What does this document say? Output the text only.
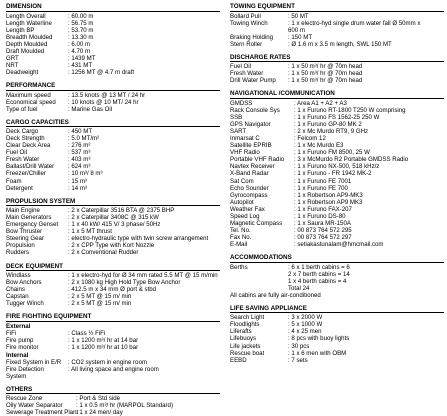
DIMENSION
Length Overall	: 60.00 m
Length Waterline	: 56.75 m
Length BP	: 53.70 m
Breadth Moulded	: 13.30 m
Depth Moulded	: 6.00 m
Draft Moulded	: 4.70 m
GRT	: 1439 MT
NRT	: 431 MT
Deadweight	: 1256 MT @ 4.7 m draft
PERFORMANCE
Maximum speed	: 13.5 knots @ 13 MT / 24 hr
Economical speed	: 10 knots @ 10 MT/ 24 hr
Type of fuel	: Marine Gas Oil
CARGO CAPACITIES
Deck Cargo	: 450 MT
Deck Strength	: 5.0 MT/m²
Clear Deck Area	: 276 m²
Fuel Oil	: 537 m³
Fresh Water	: 403 m³
Ballast/Drill Water	: 624 m³
Freezer/Chiller	: 10 m³/ 8 m³
Foam	: 15 m³
Detergent	: 14 m³
PROPULSION SYSTEM
Main Engine	: 2 x Caterpillar 3516 BTA @ 2375 BHP
Main Generators	: 2 x Caterpillar 3408C @ 315 kW
Emergency Genset	: 1 x 40 kW/ 415 V/ 3 phase/ 50Hz
Bow Thruster	: 1 x 5 MT thrust
Steering Gear	: electro-hydraulic type with twin screw arrangement
Propulsion	: 2 x CPP Type with Kort Nozzle
Rudders	: 2 x Conventional Rudder
DECK EQUIPMENT
Windlass	: 1 x electro-hyd for Ø 34 mm rated 5.5 MT @ 15 m/min
Bow Anchors	: 2 x 1080 kg High Hold Type Bow Anchor
Chains	: 412.5 m x 34 mm Ø port & stbd
Capstan	: 2 x 5 MT @ 15 m/ min
Tugger Winch	: 2 x 5 MT @ 15 m/ min
FIRE FIGHTING EQUIPMENT
External
FiFi	: Class ½ FiFi
Fire pump	: 1 x 1200 m³/ hr at 14 bar
Fire monitor	: 1 x 1200 m³/ hr at 10 bar
Internal
Fixed System in E/R	: CO2 system in engine room
Fire Detection	: All living space and engine room
System
OTHERS
Rescue Zone	: Port & Std side
Oily Water Separator	: 1 x 0.5 m³/ hr (MARPOL Standard)
Sewerage Treatment Plant
: 1 x 24 men/ day
TOWING EQUIPMENT
Bollard Pull	: 50 MT
Towing Winch	: 1 x electro-hyd single drum water fall Ø 50mm x
600 m
Braking Holding	: 150 MT
Stern Roller	: Ø 1.6 m x 3.5 m length, SWL 150 MT
DISCHARGE RATES
Fuel Oil	: 1 x 50 m³/ hr @ 70m head
Fresh Water	: 1 x 50 m³/ hr @ 70m head
Drill Water Pump	: 1 x 50 m³/ hr @ 70m head
NAVIGATIONAL /COMMUNICATION
GMDSS	: Area A1 + A2 + A3
Rack Console Sys	: 1 x Furuno RT-1800 T250 W comprising
SSB	: 1 x Furuno FS 1562-25 250 W
GPS Navigator	: 1 x Furuno GP-80 MK 2
SART	: 2 x Mc Murdo RT9, 9 GHz
Inmarsat C	: Felcom 12
Satellite EPRIB	: 1 x Mc Murdo E3
VHF Radio	: 1 x Furuno FM 8500, 25 W
Portable VHF Radio	: 3 x McMurdo R2 Portable GMDSS Radio
Navtex Receiver	: 1 x Furuno NX-500, 518 kHz/z
X-Band Radar	: 1 x Furuno - FR 1942 MK-2
Sat Com	: 1 x Furuno FE 7001
Echo Sounder	: 1 x Furuno FE 700
Gyrocompass	: 1 x Robertson AP9-MK3
Autopilot	: 1 x Robertson AP9 MK3
Weather Fax	: 1 x Furuno FAX-207
Speed Log	: 1 x Furuno DS-80
Magnetic Compass	: 1 x Saura MR-150A
Tel. No.	: 00 873 764 572 295
Fax No.	: 00 873 764 572 297
E-Mail	: setiakastunalam@hmcmail.com
ACCOMMODATIONS
Berths	: 6 x 1 berth cabins = 6
2 x 7 berth cabins = 14
1 x 4 berth cabins = 4
Total 24
All cabins are fully air-conditioned
LIFE SAVING APPLIANCE
Search Light	: 3 x 2000 W
Floodlights	: 5 x 1000 W
Liferafts	: 4 x 25 men
Lifebuoys	: 8 pcs with buoy lights
Life jackets	: 30 pcs
Rescue boat	: 1 x 6 men with OBM
EEBD	: 7 sets
